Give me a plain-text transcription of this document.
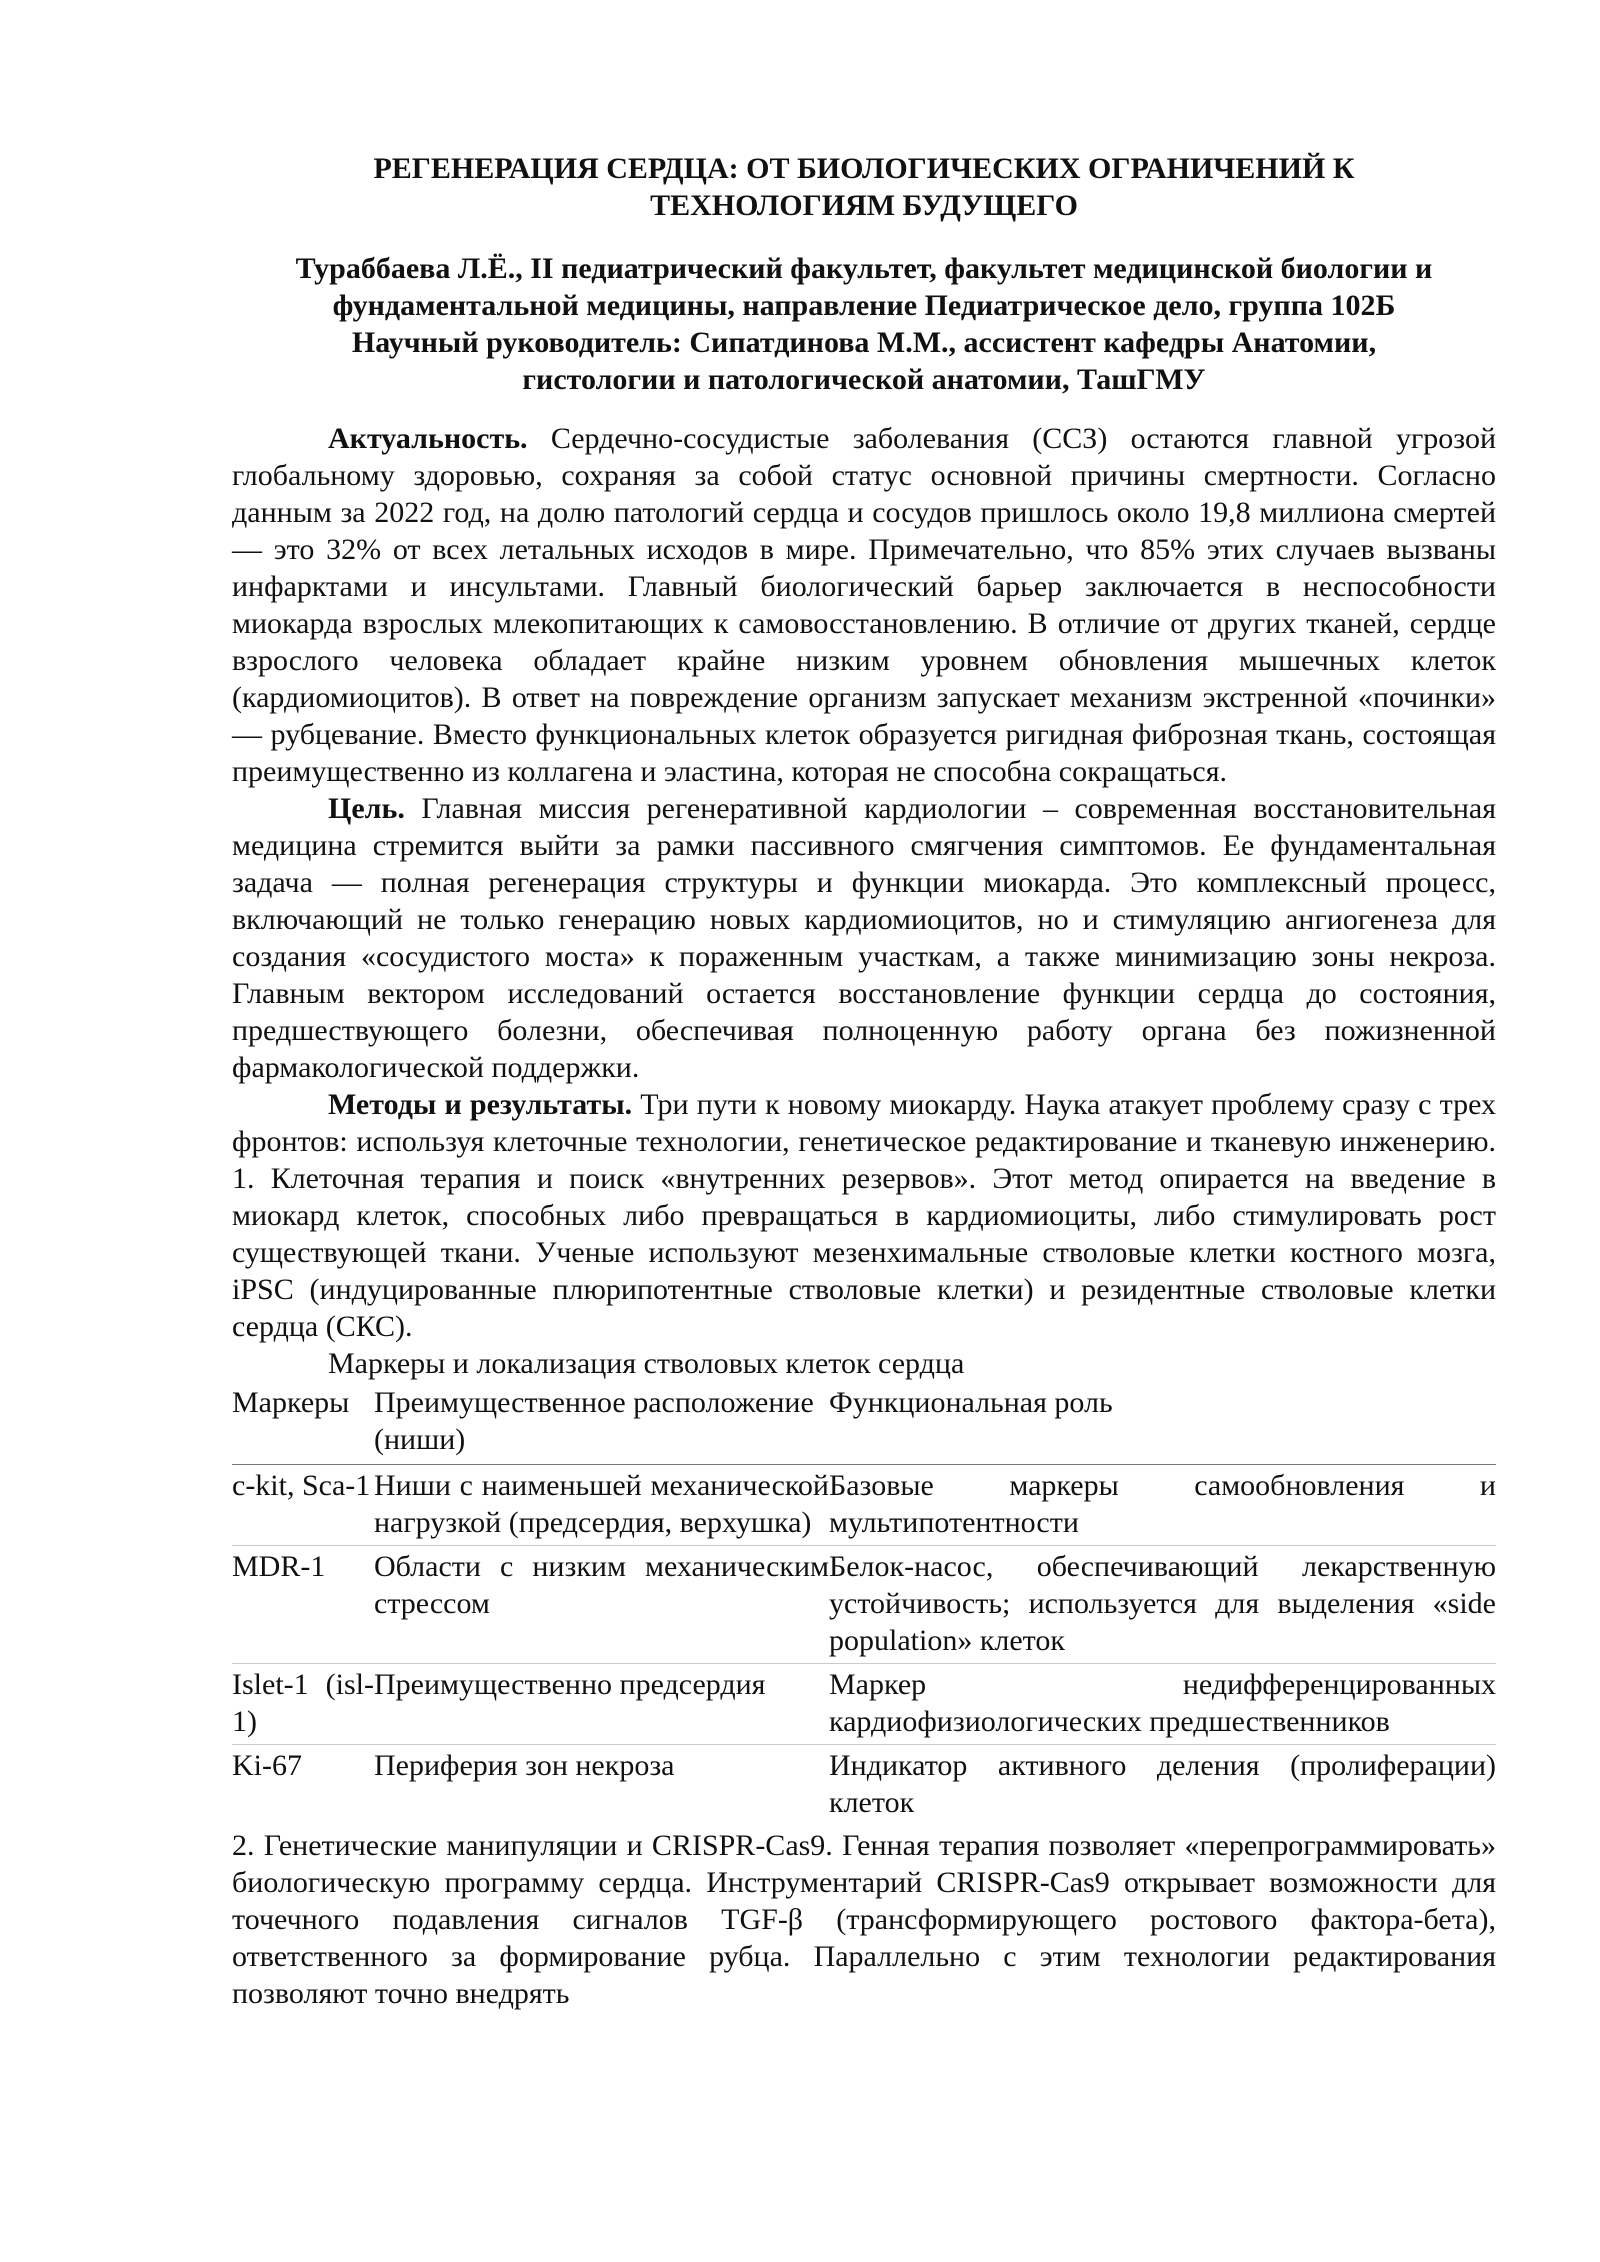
РЕГЕНЕРАЦИЯ СЕРДЦА: ОТ БИОЛОГИЧЕСКИХ ОГРАНИЧЕНИЙ К
ТЕХНОЛОГИЯМ БУДУЩЕГО
Тураббаева Л.Ё., II педиатрический факультет, факультет медицинской биологии и
фундаментальной медицины, направление Педиатрическое дело, группа 102Б
Научный руководитель: Сипатдинова М.М., ассистент кафедры Анатомии,
гистологии и патологической анатомии, ТашГМУ

Актуальность. Сердечно-сосудистые заболевания (ССЗ) остаются главной угрозой глобальному здоровью, сохраняя за собой статус основной причины смертности. Согласно данным за 2022 год, на долю патологий сердца и сосудов пришлось около 19,8 миллиона смертей — это 32% от всех летальных исходов в мире. Примечательно, что 85% этих случаев вызваны инфарктами и инсультами. Главный биологический барьер заключается в неспособности миокарда взрослых млекопитающих к самовосстановлению. В отличие от других тканей, сердце взрослого человека обладает крайне низким уровнем обновления мышечных клеток (кардиомиоцитов). В ответ на повреждение организм запускает механизм экстренной «починки» — рубцевание. Вместо функциональных клеток образуется ригидная фиброзная ткань, состоящая преимущественно из коллагена и эластина, которая не способна сокращаться.

Цель. Главная миссия регенеративной кардиологии – современная восстановительная медицина стремится выйти за рамки пассивного смягчения симптомов. Ее фундаментальная задача — полная регенерация структуры и функции миокарда. Это комплексный процесс, включающий не только генерацию новых кардиомиоцитов, но и стимуляцию ангиогенеза для создания «сосудистого моста» к пораженным участкам, а также минимизацию зоны некроза. Главным вектором исследований остается восстановление функции сердца до состояния, предшествующего болезни, обеспечивая полноценную работу органа без пожизненной фармакологической поддержки.

Методы и результаты. Три пути к новому миокарду. Наука атакует проблему сразу с трех фронтов: используя клеточные технологии, генетическое редактирование и тканевую инженерию. 1. Клеточная терапия и поиск «внутренних резервов». Этот метод опирается на введение в миокард клеток, способных либо превращаться в кардиомиоциты, либо стимулировать рост существующей ткани. Ученые используют мезенхимальные стволовые клетки костного мозга, iPSC (индуцированные плюрипотентные стволовые клетки) и резидентные стволовые клетки сердца (СКС).

Маркеры и локализация стволовых клеток сердца

Маркеры	Преимущественное расположение (ниши)	Функциональная роль
c-kit, Sca-1	Ниши с наименьшей механической нагрузкой (предсердия, верхушка)	Базовые маркеры самообновления и мультипотентности
MDR-1	Области с низким механическим стрессом	Белок-насос, обеспечивающий лекарственную устойчивость; используется для выделения «side population» клеток
Islet-1 (isl-1)	Преимущественно предсердия	Маркер недифференцированных кардиофизиологических предшественников
Ki-67	Периферия зон некроза	Индикатор активного деления (пролиферации) клеток

2. Генетические манипуляции и CRISPR-Cas9. Генная терапия позволяет «перепрограммировать» биологическую программу сердца. Инструментарий CRISPR-Cas9 открывает возможности для точечного подавления сигналов TGF-β (трансформирующего ростового фактора-бета), ответственного за формирование рубца. Параллельно с этим технологии редактирования позволяют точно внедрять
